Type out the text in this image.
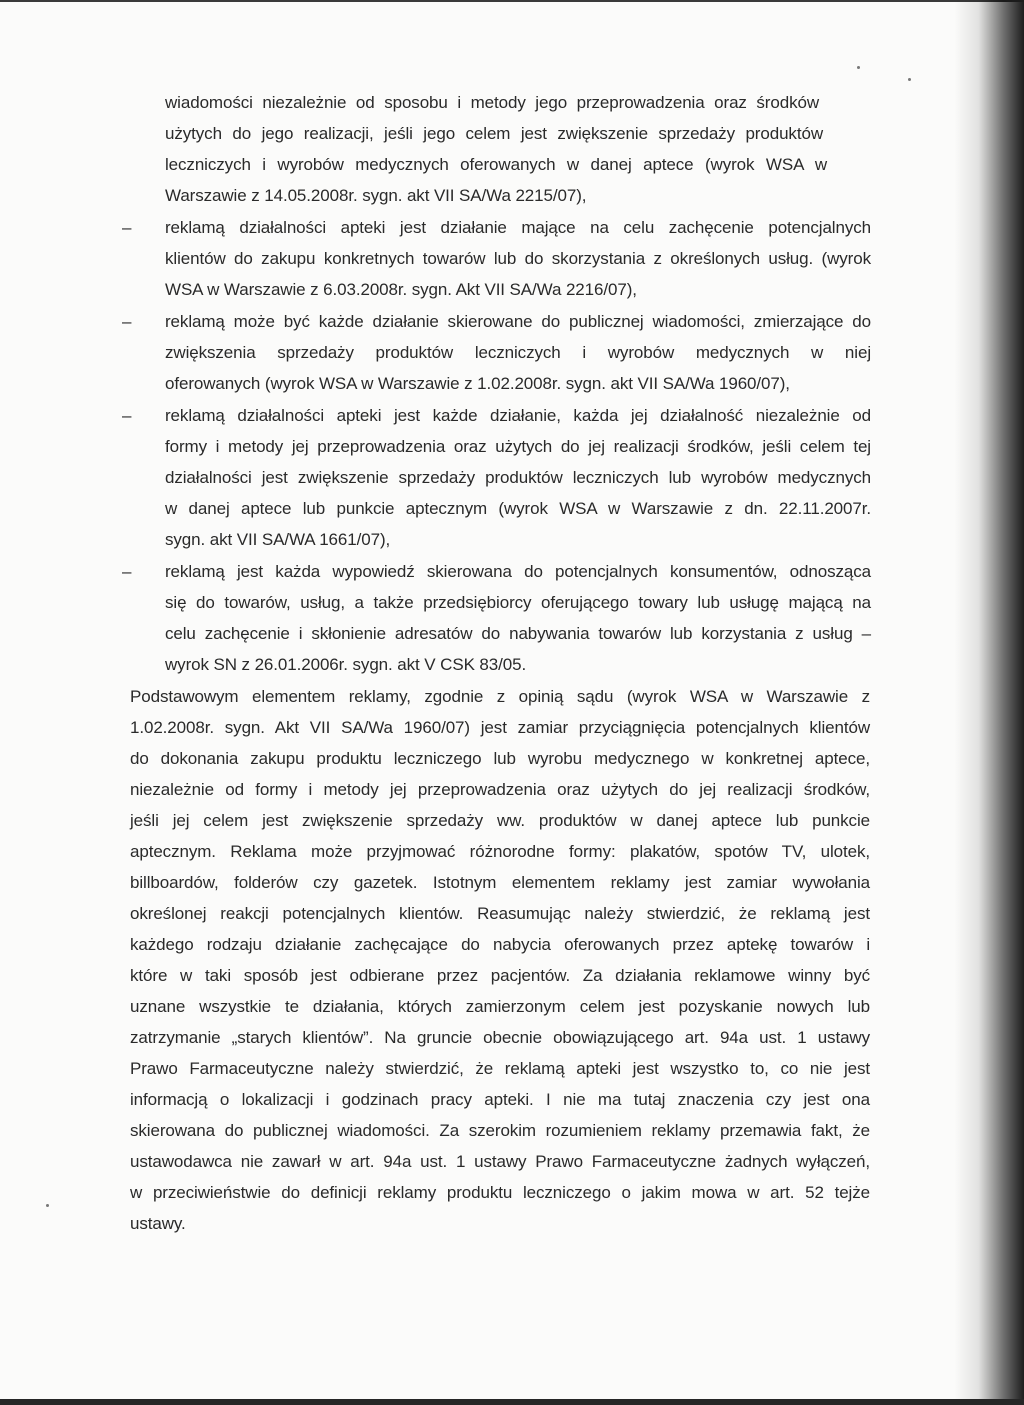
wiadomości niezależnie od sposobu i metody jego przeprowadzenia oraz środków
użytych do jego realizacji, jeśli jego celem jest zwiększenie sprzedaży produktów
leczniczych i wyrobów medycznych oferowanych w danej aptece (wyrok WSA w
Warszawie z 14.05.2008r. sygn. akt VII SA/Wa 2215/07),
– reklamą działalności apteki jest działanie mające na celu zachęcenie potencjalnych
klientów do zakupu konkretnych towarów lub do skorzystania z określonych usług. (wyrok
WSA w Warszawie z 6.03.2008r. sygn. Akt VII SA/Wa 2216/07),
– reklamą może być każde działanie skierowane do publicznej wiadomości, zmierzające do
zwiększenia sprzedaży produktów leczniczych i wyrobów medycznych w niej
oferowanych (wyrok WSA w Warszawie z 1.02.2008r. sygn. akt VII SA/Wa 1960/07),
– reklamą działalności apteki jest każde działanie, każda jej działalność niezależnie od
formy i metody jej przeprowadzenia oraz użytych do jej realizacji środków, jeśli celem tej
działalności jest zwiększenie sprzedaży produktów leczniczych lub wyrobów medycznych
w danej aptece lub punkcie aptecznym (wyrok WSA w Warszawie z dn. 22.11.2007r.
sygn. akt VII SA/WA 1661/07),
– reklamą jest każda wypowiedź skierowana do potencjalnych konsumentów, odnosząca
się do towarów, usług, a także przedsiębiorcy oferującego towary lub usługę mającą na
celu zachęcenie i skłonienie adresatów do nabywania towarów lub korzystania z usług –
wyrok SN z 26.01.2006r. sygn. akt V CSK 83/05.
Podstawowym elementem reklamy, zgodnie z opinią sądu (wyrok WSA w Warszawie z
1.02.2008r. sygn. Akt VII SA/Wa 1960/07) jest zamiar przyciągnięcia potencjalnych klientów
do dokonania zakupu produktu leczniczego lub wyrobu medycznego w konkretnej aptece,
niezależnie od formy i metody jej przeprowadzenia oraz użytych do jej realizacji środków,
jeśli jej celem jest zwiększenie sprzedaży ww. produktów w danej aptece lub punkcie
aptecznym. Reklama może przyjmować różnorodne formy: plakatów, spotów TV, ulotek,
billboardów, folderów czy gazetek. Istotnym elementem reklamy jest zamiar wywołania
określonej reakcji potencjalnych klientów. Reasumując należy stwierdzić, że reklamą jest
każdego rodzaju działanie zachęcające do nabycia oferowanych przez aptekę towarów i
które w taki sposób jest odbierane przez pacjentów. Za działania reklamowe winny być
uznane wszystkie te działania, których zamierzonym celem jest pozyskanie nowych lub
zatrzymanie „starych klientów”. Na gruncie obecnie obowiązującego art. 94a ust. 1 ustawy
Prawo Farmaceutyczne należy stwierdzić, że reklamą apteki jest wszystko to, co nie jest
informacją o lokalizacji i godzinach pracy apteki. I nie ma tutaj znaczenia czy jest ona
skierowana do publicznej wiadomości. Za szerokim rozumieniem reklamy przemawia fakt, że
ustawodawca nie zawarł w art. 94a ust. 1 ustawy Prawo Farmaceutyczne żadnych wyłączeń,
w przeciwieństwie do definicji reklamy produktu leczniczego o jakim mowa w art. 52 tejże
ustawy.
